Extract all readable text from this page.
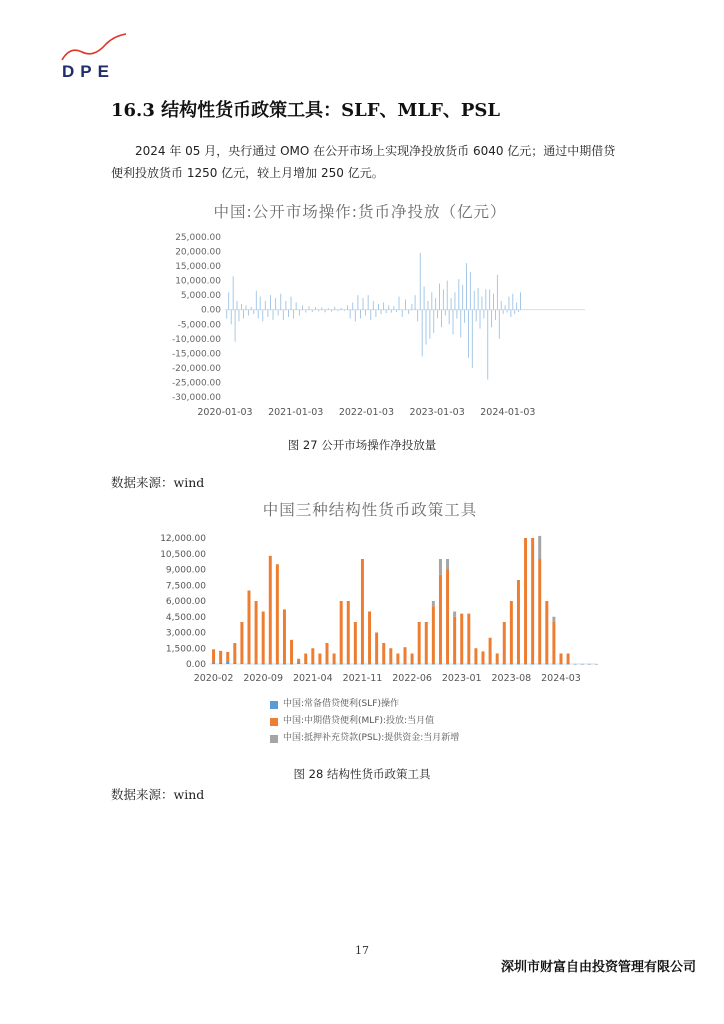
DPE
16.3 结构性货币政策工具：SLF、MLF、PSL
2024 年 05 月，央行通过 OMO 在公开市场上实现净投放货币 6040 亿元；通过中期借贷便利投放货币 1250 亿元，较上月增加 250 亿元。
中国:公开市场操作:货币净投放（亿元）
25,000.00
20,000.00
15,000.00
10,000.00
5,000.00
0.00
-5,000.00
-10,000.00
-15,000.00
-20,000.00
-25,000.00
-30,000.00
2020-01-03 2021-01-03 2022-01-03 2023-01-03 2024-01-03
图 27 公开市场操作净投放量
数据来源：wind
中国三种结构性货币政策工具
12,000.00
10,500.00
9,000.00
7,500.00
6,000.00
4,500.00
3,000.00
1,500.00
0.00
2020-02 2020-09 2021-04 2021-11 2022-06 2023-01 2023-08 2024-03
中国:常备借贷便利(SLF)操作
中国:中期借贷便利(MLF):投放:当月值
中国:抵押补充贷款(PSL):提供资金:当月新增
图 28 结构性货币政策工具
数据来源：wind
17
深圳市财富自由投资管理有限公司
